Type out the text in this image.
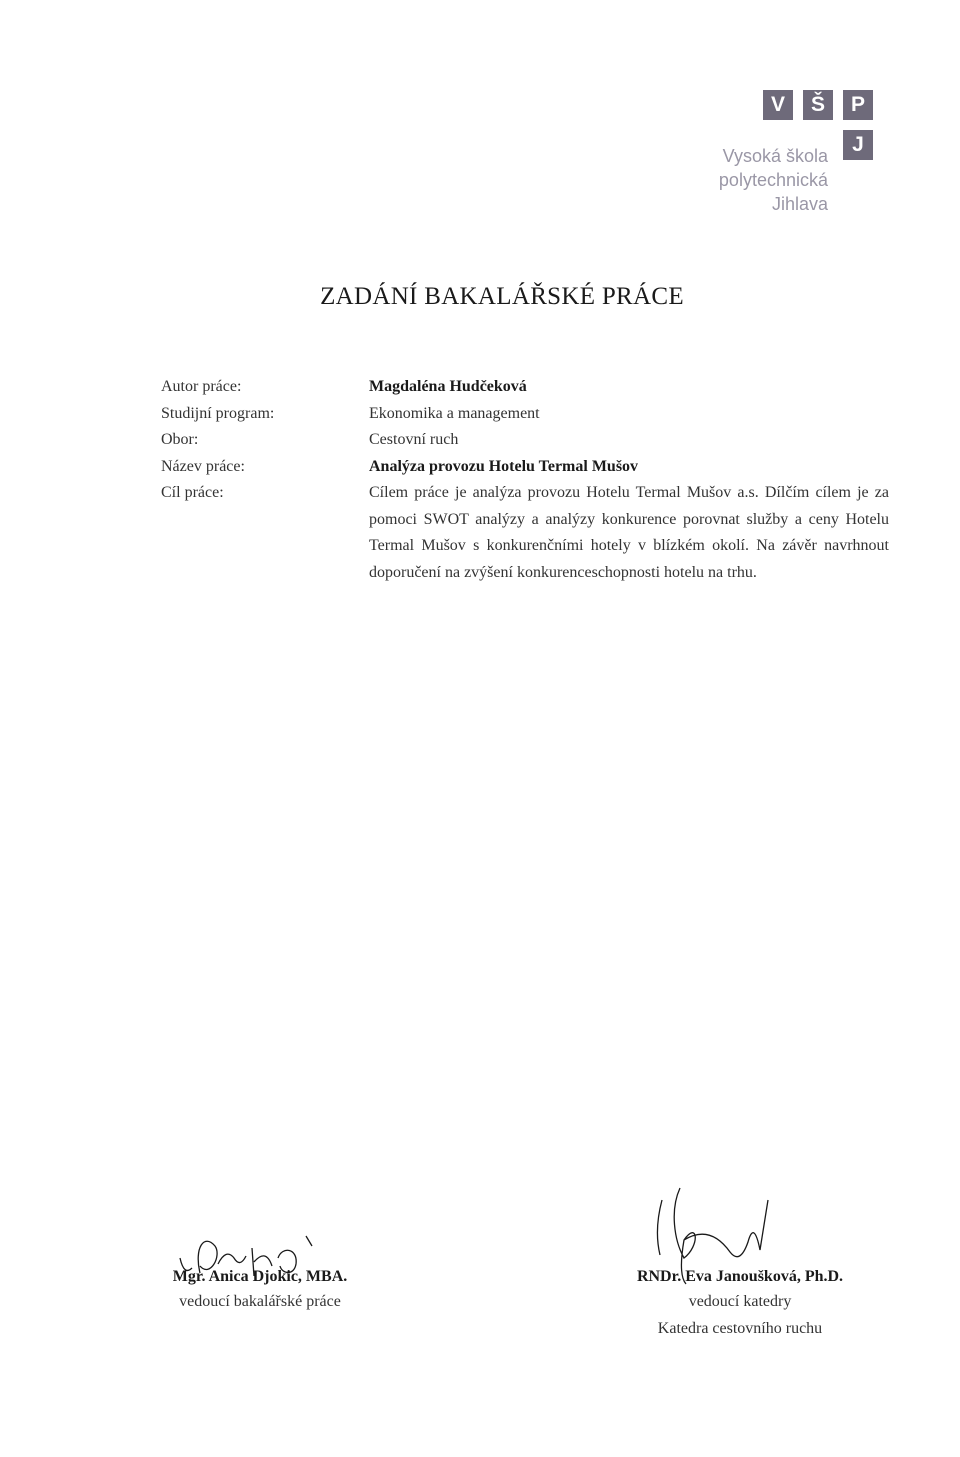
V	Š	P
J
Vysoká škola
polytechnická
Jihlava
ZADÁNÍ BAKALÁŘSKÉ PRÁCE
Autor práce:
Studijní program:
Obor:
Název práce:
Cíl práce:
Magdaléna Hudčeková
Ekonomika a management
Cestovní ruch
Analýza provozu Hotelu Termal Mušov
Cílem práce je analýza provozu Hotelu Termal Mušov a.s. Dílčím cílem je za pomoci SWOT analýzy a analýzy konkurence porovnat služby a ceny Hotelu Termal Mušov s konkurenčními hotely v blízkém okolí. Na závěr navrhnout doporučení na zvýšení konkurenceschopnosti hotelu na trhu.
Mgr. Anica Djokic, MBA.
vedoucí bakalářské práce
RNDr. Eva Janoušková, Ph.D.
vedoucí katedry
Katedra cestovního ruchu
